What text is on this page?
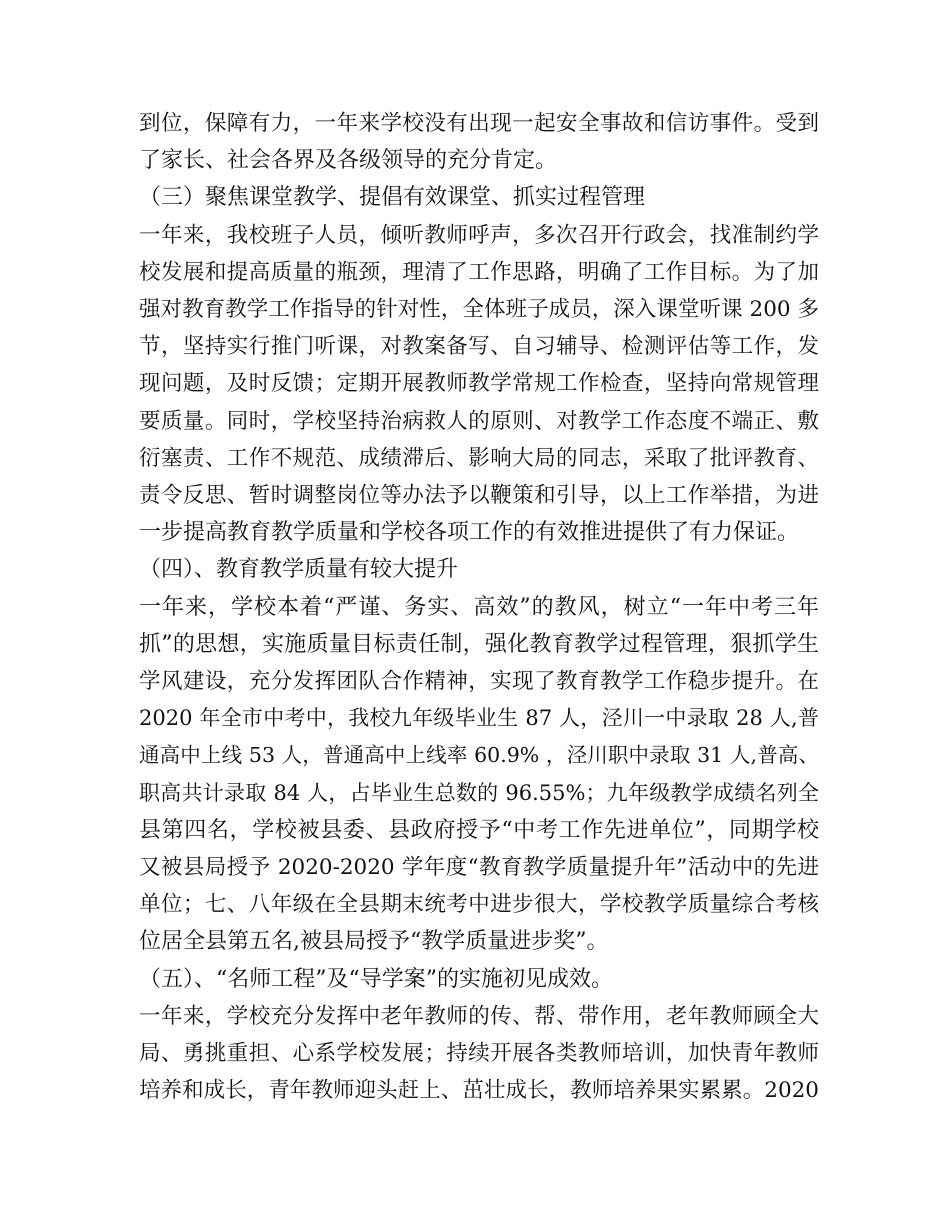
到位，保障有力，一年来学校没有出现一起安全事故和信访事件。受到
了家长、社会各界及各级领导的充分肯定。
（三）聚焦课堂教学、提倡有效课堂、抓实过程管理
一年来，我校班子人员，倾听教师呼声，多次召开行政会，找准制约学
校发展和提高质量的瓶颈，理清了工作思路，明确了工作目标。为了加
强对教育教学工作指导的针对性，全体班子成员，深入课堂听课 200 多
节，坚持实行推门听课，对教案备写、自习辅导、检测评估等工作，发
现问题，及时反馈；定期开展教师教学常规工作检查，坚持向常规管理
要质量。同时，学校坚持治病救人的原则、对教学工作态度不端正、敷
衍塞责、工作不规范、成绩滞后、影响大局的同志，采取了批评教育、
责令反思、暂时调整岗位等办法予以鞭策和引导，以上工作举措，为进
一步提高教育教学质量和学校各项工作的有效推进提供了有力保证。
（四）、教育教学质量有较大提升
一年来，学校本着“严谨、务实、高效”的教风，树立“一年中考三年
抓”的思想，实施质量目标责任制，强化教育教学过程管理，狠抓学生
学风建设，充分发挥团队合作精神，实现了教育教学工作稳步提升。在
2020 年全市中考中，我校九年级毕业生 87 人，泾川一中录取 28 人,普
通高中上线 53 人，普通高中上线率 60.9% ，泾川职中录取 31 人,普高、
职高共计录取 84 人，占毕业生总数的 96.55%；九年级教学成绩名列全
县第四名，学校被县委、县政府授予“中考工作先进单位”，同期学校
又被县局授予 2020-2020 学年度“教育教学质量提升年”活动中的先进
单位；七、八年级在全县期末统考中进步很大，学校教学质量综合考核
位居全县第五名,被县局授予“教学质量进步奖”。
（五）、“名师工程”及“导学案”的实施初见成效。
一年来，学校充分发挥中老年教师的传、帮、带作用，老年教师顾全大
局、勇挑重担、心系学校发展；持续开展各类教师培训，加快青年教师
培养和成长，青年教师迎头赶上、茁壮成长，教师培养果实累累。2020
